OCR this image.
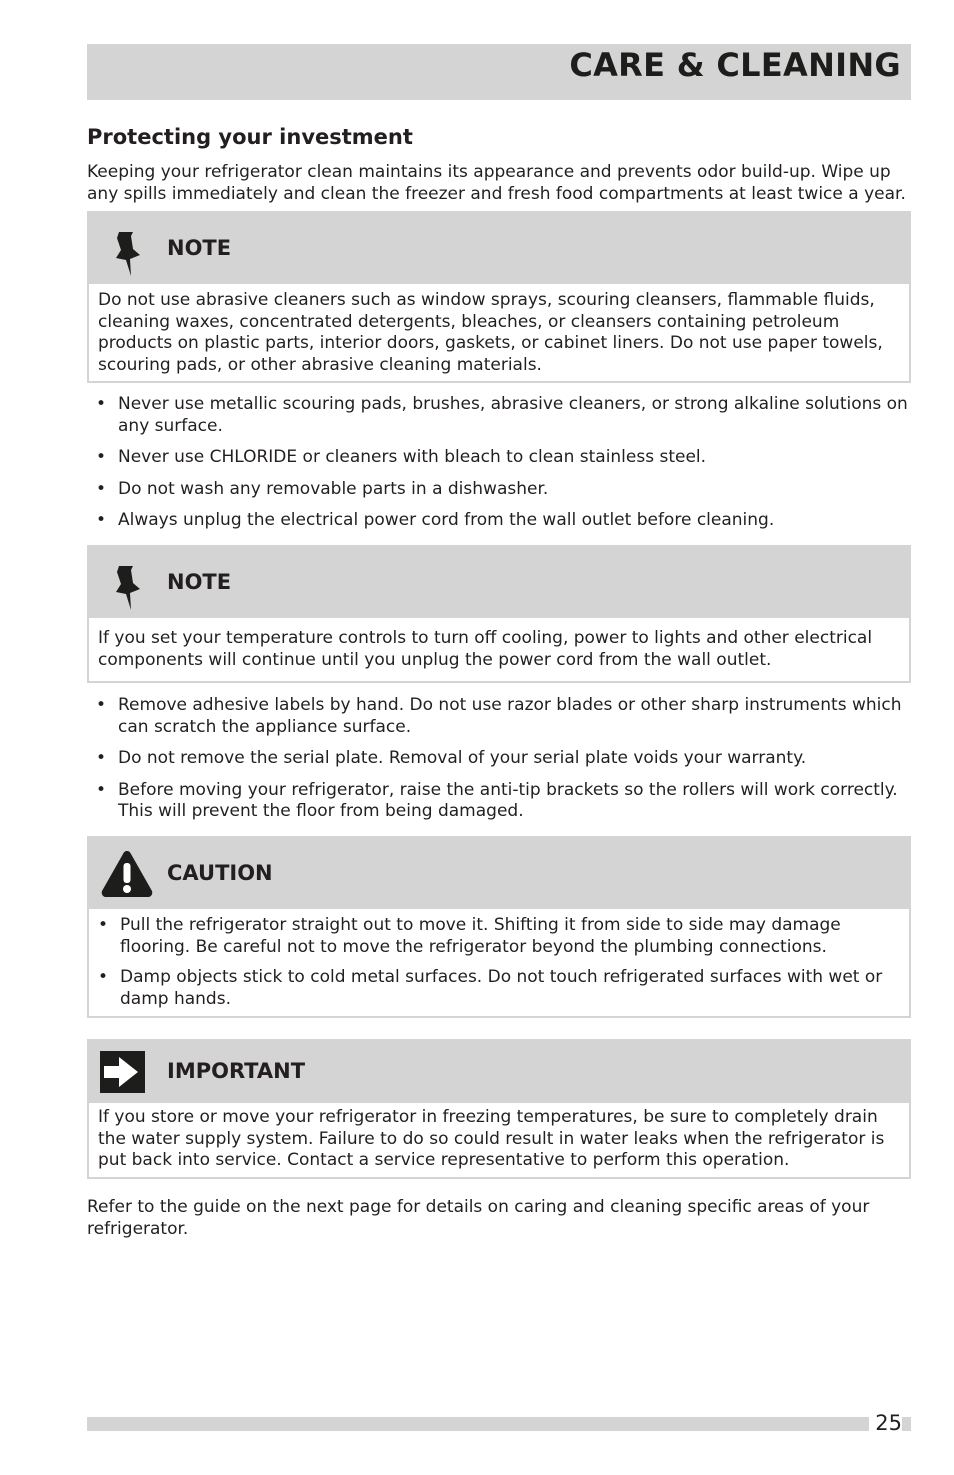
CARE & CLEANING
Protecting your investment
Keeping your refrigerator clean maintains its appearance and prevents odor build-up. Wipe up any spills immediately and clean the freezer and fresh food compartments at least twice a year.
NOTE
Do not use abrasive cleaners such as window sprays, scouring cleansers, flammable fluids, cleaning waxes, concentrated detergents, bleaches, or cleansers containing petroleum products on plastic parts, interior doors, gaskets, or cabinet liners. Do not use paper towels, scouring pads, or other abrasive cleaning materials.
• Never use metallic scouring pads, brushes, abrasive cleaners, or strong alkaline solutions on any surface.
• Never use CHLORIDE or cleaners with bleach to clean stainless steel.
• Do not wash any removable parts in a dishwasher.
• Always unplug the electrical power cord from the wall outlet before cleaning.
NOTE
If you set your temperature controls to turn off cooling, power to lights and other electrical components will continue until you unplug the power cord from the wall outlet.
• Remove adhesive labels by hand. Do not use razor blades or other sharp instruments which can scratch the appliance surface.
• Do not remove the serial plate. Removal of your serial plate voids your warranty.
• Before moving your refrigerator, raise the anti-tip brackets so the rollers will work correctly. This will prevent the floor from being damaged.
CAUTION
• Pull the refrigerator straight out to move it. Shifting it from side to side may damage flooring. Be careful not to move the refrigerator beyond the plumbing connections.
• Damp objects stick to cold metal surfaces. Do not touch refrigerated surfaces with wet or damp hands.
IMPORTANT
If you store or move your refrigerator in freezing temperatures, be sure to completely drain the water supply system. Failure to do so could result in water leaks when the refrigerator is put back into service. Contact a service representative to perform this operation.
Refer to the guide on the next page for details on caring and cleaning specific areas of your refrigerator.
25
